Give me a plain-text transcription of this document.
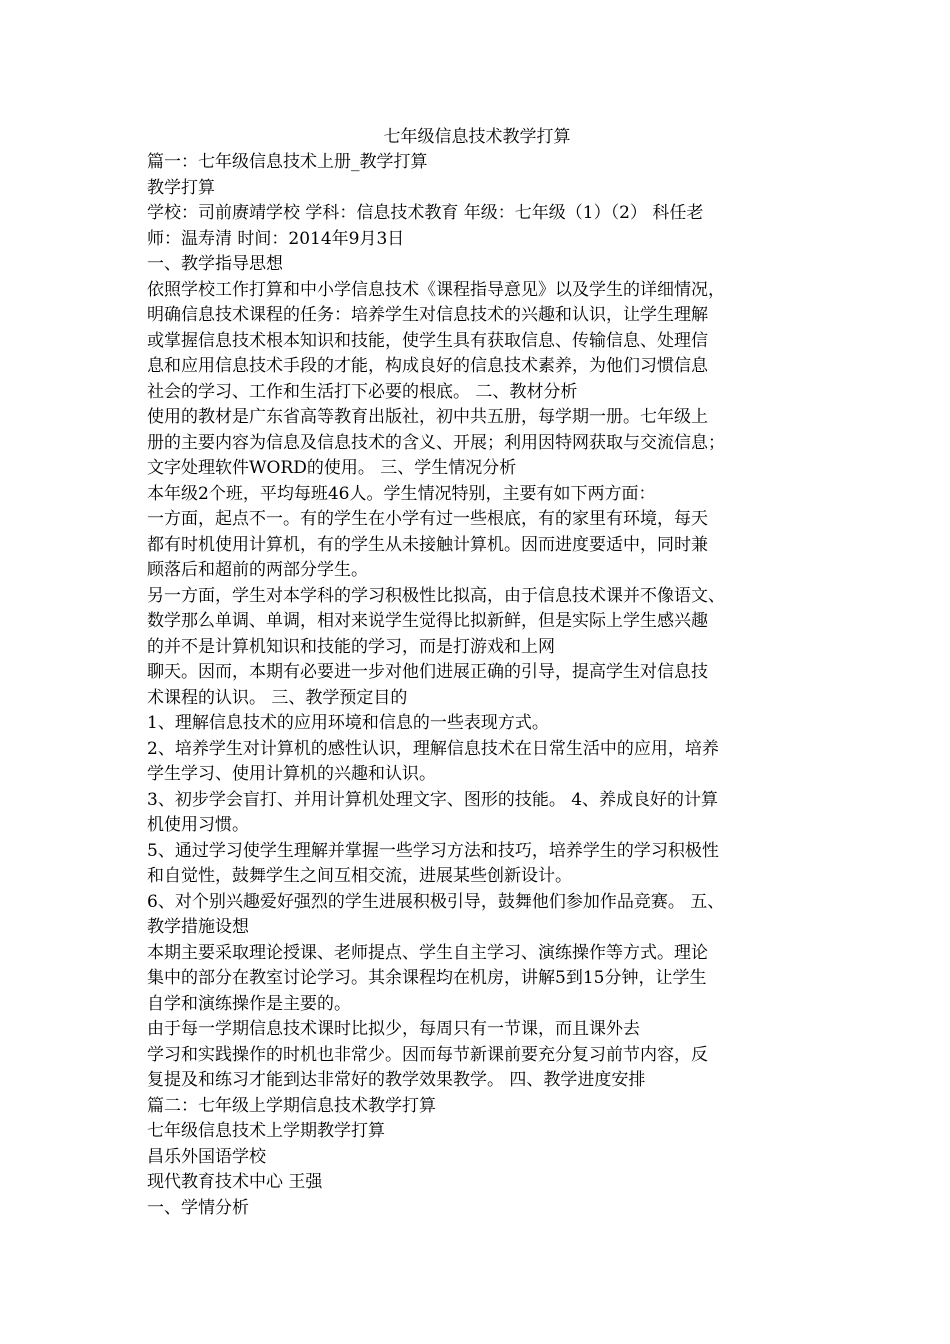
七年级信息技术教学打算
篇一：七年级信息技术上册_教学打算
教学打算
学校：司前赓靖学校 学科：信息技术教育 年级：七年级（1）（2） 科任老
师：温寿清 时间：2014年9月3日
一、教学指导思想
依照学校工作打算和中小学信息技术《课程指导意见》以及学生的详细情况，
明确信息技术课程的任务：培养学生对信息技术的兴趣和认识，让学生理解
或掌握信息技术根本知识和技能，使学生具有获取信息、传输信息、处理信
息和应用信息技术手段的才能，构成良好的信息技术素养，为他们习惯信息
社会的学习、工作和生活打下必要的根底。 二、教材分析
使用的教材是广东省高等教育出版社，初中共五册，每学期一册。七年级上
册的主要内容为信息及信息技术的含义、开展；利用因特网获取与交流信息；
文字处理软件WORD的使用。 三、学生情况分析
本年级2个班，平均每班46人。学生情况特别，主要有如下两方面：
一方面，起点不一。有的学生在小学有过一些根底，有的家里有环境，每天
都有时机使用计算机，有的学生从未接触计算机。因而进度要适中，同时兼
顾落后和超前的两部分学生。
另一方面，学生对本学科的学习积极性比拟高，由于信息技术课并不像语文、
数学那么单调、单调，相对来说学生觉得比拟新鲜，但是实际上学生感兴趣
的并不是计算机知识和技能的学习，而是打游戏和上网
聊天。因而，本期有必要进一步对他们进展正确的引导，提高学生对信息技
术课程的认识。 三、教学预定目的
1、理解信息技术的应用环境和信息的一些表现方式。
2、培养学生对计算机的感性认识，理解信息技术在日常生活中的应用，培养
学生学习、使用计算机的兴趣和认识。
3、初步学会盲打、并用计算机处理文字、图形的技能。 4、养成良好的计算
机使用习惯。
5、通过学习使学生理解并掌握一些学习方法和技巧，培养学生的学习积极性
和自觉性，鼓舞学生之间互相交流，进展某些创新设计。
6、对个别兴趣爱好强烈的学生进展积极引导，鼓舞他们参加作品竞赛。 五、
教学措施设想
本期主要采取理论授课、老师提点、学生自主学习、演练操作等方式。理论
集中的部分在教室讨论学习。其余课程均在机房，讲解5到15分钟，让学生
自学和演练操作是主要的。
由于每一学期信息技术课时比拟少，每周只有一节课，而且课外去
学习和实践操作的时机也非常少。因而每节新课前要充分复习前节内容，反
复提及和练习才能到达非常好的教学效果教学。 四、教学进度安排
篇二：七年级上学期信息技术教学打算
七年级信息技术上学期教学打算
昌乐外国语学校
现代教育技术中心 王强
一、学情分析
